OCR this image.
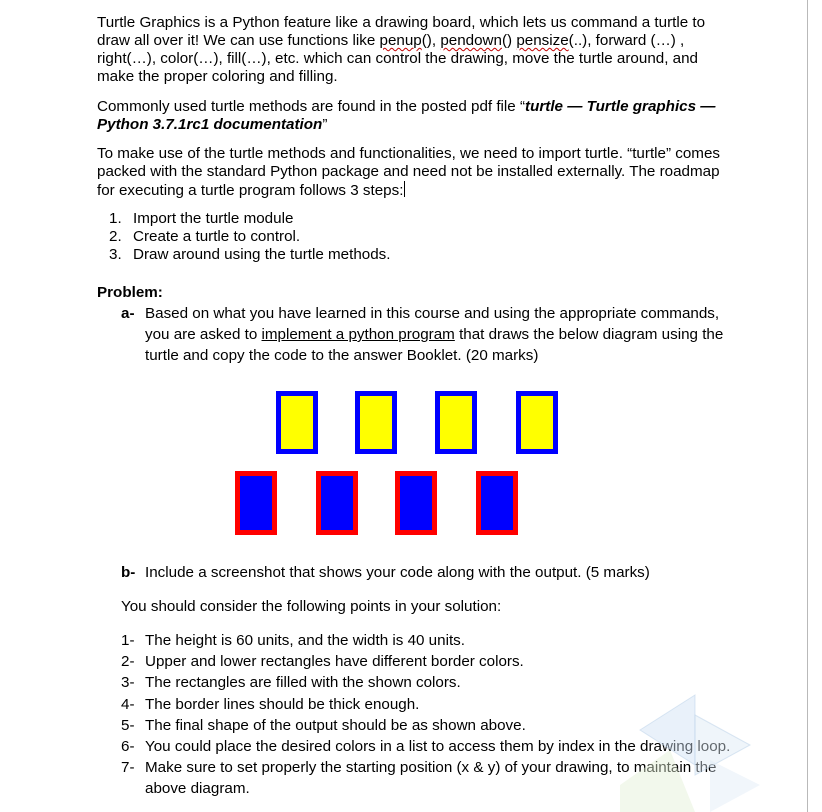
Turtle Graphics is a Python feature like a drawing board, which lets us command a turtle to
draw all over it! We can use functions like penup(), pendown() pensize(..), forward (…) ,
right(…), color(…), fill(…), etc. which can control the drawing, move the turtle around, and
make the proper coloring and filling.
Commonly used turtle methods are found in the posted pdf file “turtle — Turtle graphics —
Python 3.7.1rc1 documentation”
To make use of the turtle methods and functionalities, we need to import turtle. “turtle” comes
packed with the standard Python package and need not be installed externally. The roadmap
for executing a turtle program follows 3 steps:
1. Import the turtle module
2. Create a turtle to control.
3. Draw around using the turtle methods.
Problem:
a- Based on what you have learned in this course and using the appropriate commands,
you are asked to implement a python program that draws the below diagram using the
turtle and copy the code to the answer Booklet. (20 marks)
b- Include a screenshot that shows your code along with the output. (5 marks)
You should consider the following points in your solution:
1- The height is 60 units, and the width is 40 units.
2- Upper and lower rectangles have different border colors.
3- The rectangles are filled with the shown colors.
4- The border lines should be thick enough.
5- The final shape of the output should be as shown above.
6- You could place the desired colors in a list to access them by index in the drawing loop.
7- Make sure to set properly the starting position (x & y) of your drawing, to maintain the
above diagram.
